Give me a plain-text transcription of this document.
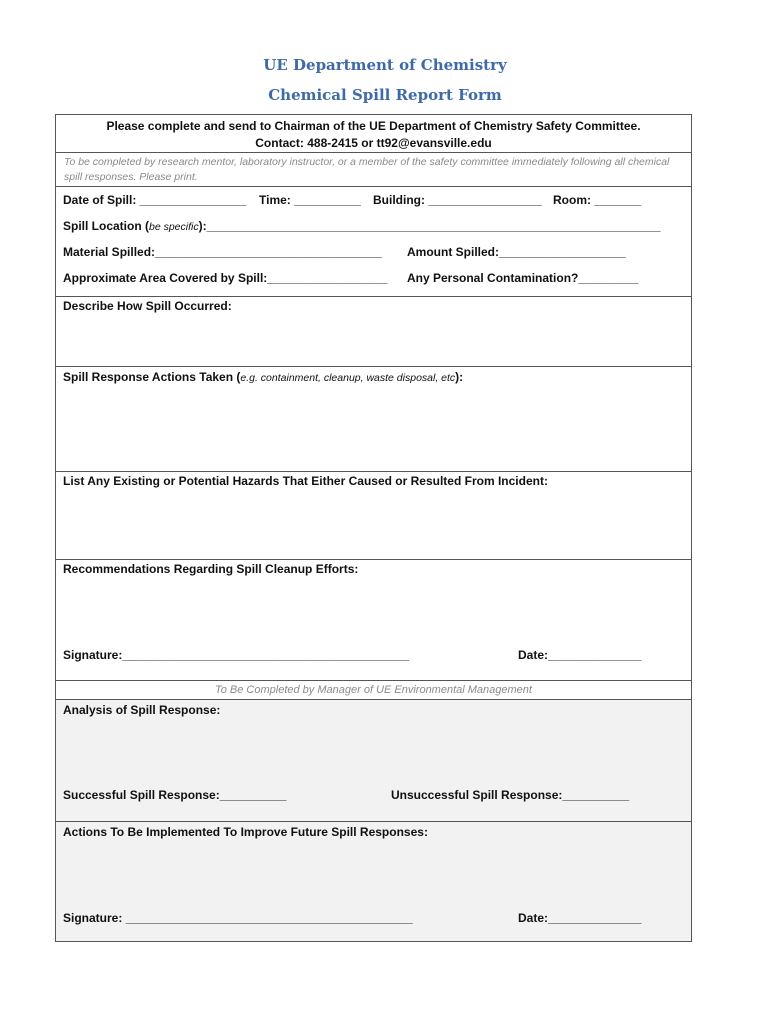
UE Department of Chemistry
Chemical Spill Report Form
Please complete and send to Chairman of the UE Department of Chemistry Safety Committee.
Contact: 488-2415 or tt92@evansville.edu
To be completed by research mentor, laboratory instructor, or a member of the safety committee immediately following all chemical spill responses. Please print.
Date of Spill: ________________ Time: __________ Building: _________________ Room: _______
Spill Location (be specific):____________________________________________________________________
Material Spilled:__________________________________ Amount Spilled:___________________
Approximate Area Covered by Spill:__________________ Any Personal Contamination?_________
Describe How Spill Occurred:
Spill Response Actions Taken (e.g. containment, cleanup, waste disposal, etc):
List Any Existing or Potential Hazards That Either Caused or Resulted From Incident:
Recommendations Regarding Spill Cleanup Efforts:
Signature:___________________________________________	Date:______________
To Be Completed by Manager of UE Environmental Management
Analysis of Spill Response:
Successful Spill Response:__________	Unsuccessful Spill Response:__________
Actions To Be Implemented To Improve Future Spill Responses:
Signature: ___________________________________________	Date:______________
